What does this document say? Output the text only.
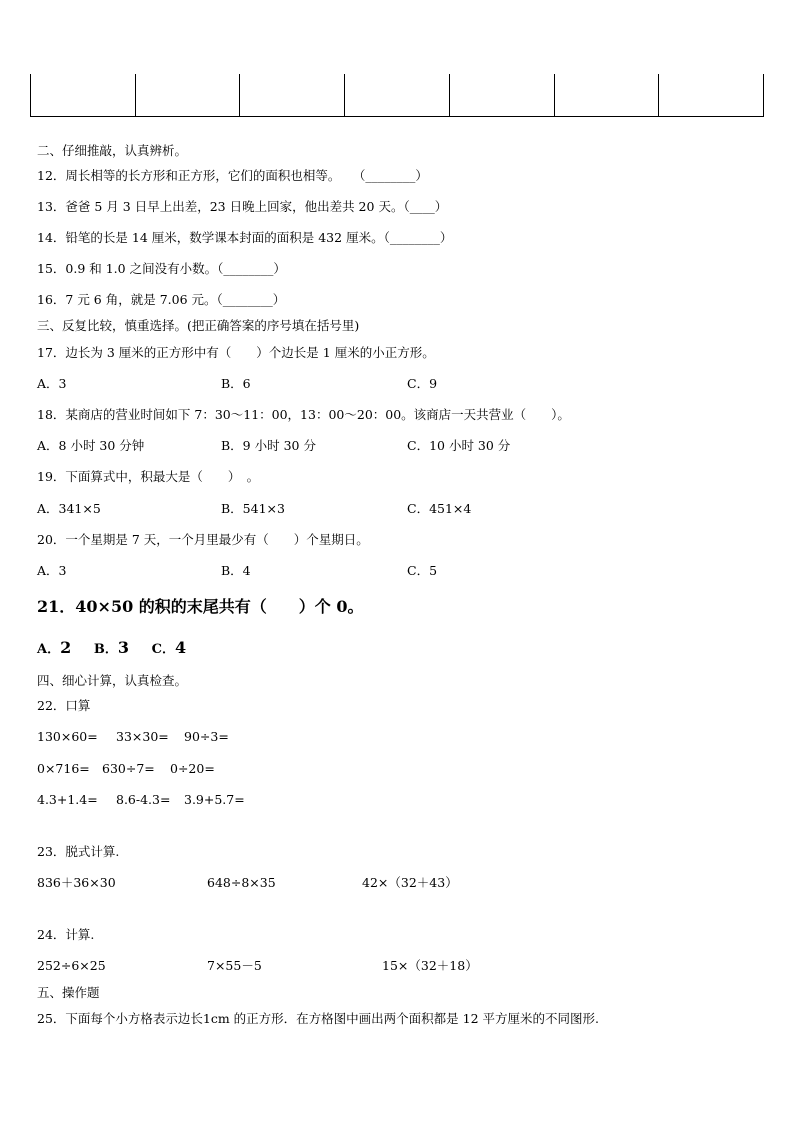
二、仔细推敲，认真辨析。
12．周长相等的长方形和正方形，它们的面积也相等。　　（________）
13．爸爸 5 月 3 日早上出差，23 日晚上回家，他出差共 20 天。（____）
14．铅笔的长是 14 厘米，数学课本封面的面积是 432 厘米。（________）
15．0.9 和 1.0 之间没有小数。（________）
16．7 元 6 角，就是 7.06 元。（________）
三、反复比较，慎重选择。(把正确答案的序号填在括号里)
17．边长为 3 厘米的正方形中有（　　）个边长是 1 厘米的小正方形。
A．3	B．6	C．9
18．某商店的营业时间如下 7：30～11：00，13：00～20：00。该商店一天共营业（　　）。
A．8 小时 30 分钟	B．9 小时 30 分	C．10 小时 30 分
19．下面算式中，积最大是（　　）　。
A．341×5	B．541×3	C．451×4
20．一个星期是 7 天，一个月里最少有（　　）个星期日。
A．3	B．4	C．5
21．40×50 的积的末尾共有（　　）个 0。
A．2 B．3 C．4
四、细心计算，认真检查。
22．口算
130×60= 33×30= 90÷3=
0×716= 630÷7= 0÷20=
4.3+1.4= 8.6-4.3= 3.9+5.7=
23．脱式计算.
836＋36×30	648÷8×35	42×（32＋43）
24．计算.
252÷6×25	7×55－5	15×（32＋18）
五、操作题
25．下面每个小方格表示边长1cm 的正方形．在方格图中画出两个面积都是 12 平方厘米的不同图形.
